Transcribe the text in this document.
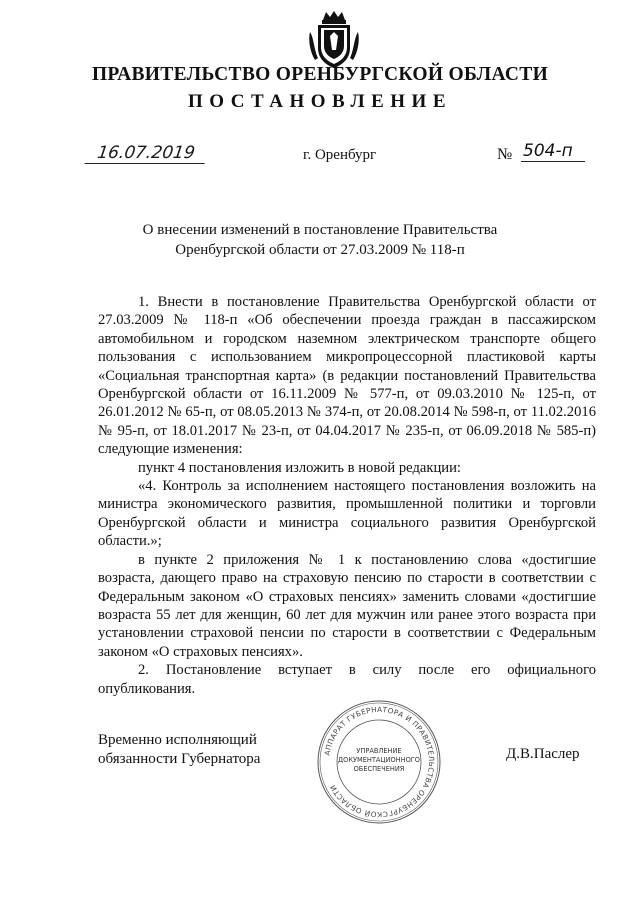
ПРАВИТЕЛЬСТВО ОРЕНБУРГСКОЙ ОБЛАСТИ
ПОСТАНОВЛЕНИЕ
16.07.2019	г. Оренбург	№ 504-п
О внесении изменений в постановление Правительства
Оренбургской области от 27.03.2009 № 118-п

1. Внести в постановление Правительства Оренбургской области от 27.03.2009 № 118-п «Об обеспечении проезда граждан в пассажирском автомобильном и городском наземном электрическом транспорте общего пользования с использованием микропроцессорной пластиковой карты «Социальная транспортная карта» (в редакции постановлений Правительства Оренбургской области от 16.11.2009 № 577-п, от 09.03.2010 № 125-п, от 26.01.2012 № 65-п, от 08.05.2013 № 374-п, от 20.08.2014 № 598-п, от 11.02.2016 № 95-п, от 18.01.2017 № 23-п, от 04.04.2017 № 235-п, от 06.09.2018 № 585-п) следующие изменения:

пункт 4 постановления изложить в новой редакции:

«4. Контроль за исполнением настоящего постановления возложить на министра экономического развития, промышленной политики и торговли Оренбургской области и министра социального развития Оренбургской области.»;

в пункте 2 приложения № 1 к постановлению слова «достигшие возраста, дающего право на страховую пенсию по старости в соответствии с Федеральным законом «О страховых пенсиях» заменить словами «достигшие возраста 55 лет для женщин, 60 лет для мужчин или ранее этого возраста при установлении страховой пенсии по старости в соответствии с Федеральным законом «О страховых пенсиях».

2. Постановление вступает в силу после его официального опубликования.

Временно исполняющий
обязанности Губернатора	АППАРАТ ГУБЕРНАТОРА И ПРАВИТЕЛЬСТВА ОРЕНБУРГСКОЙ ОБЛАСТИ
УПРАВЛЕНИЕ
ДОКУМЕНТАЦИОННОГО
ОБЕСПЕЧЕНИЯ
Д.В.Паслер
